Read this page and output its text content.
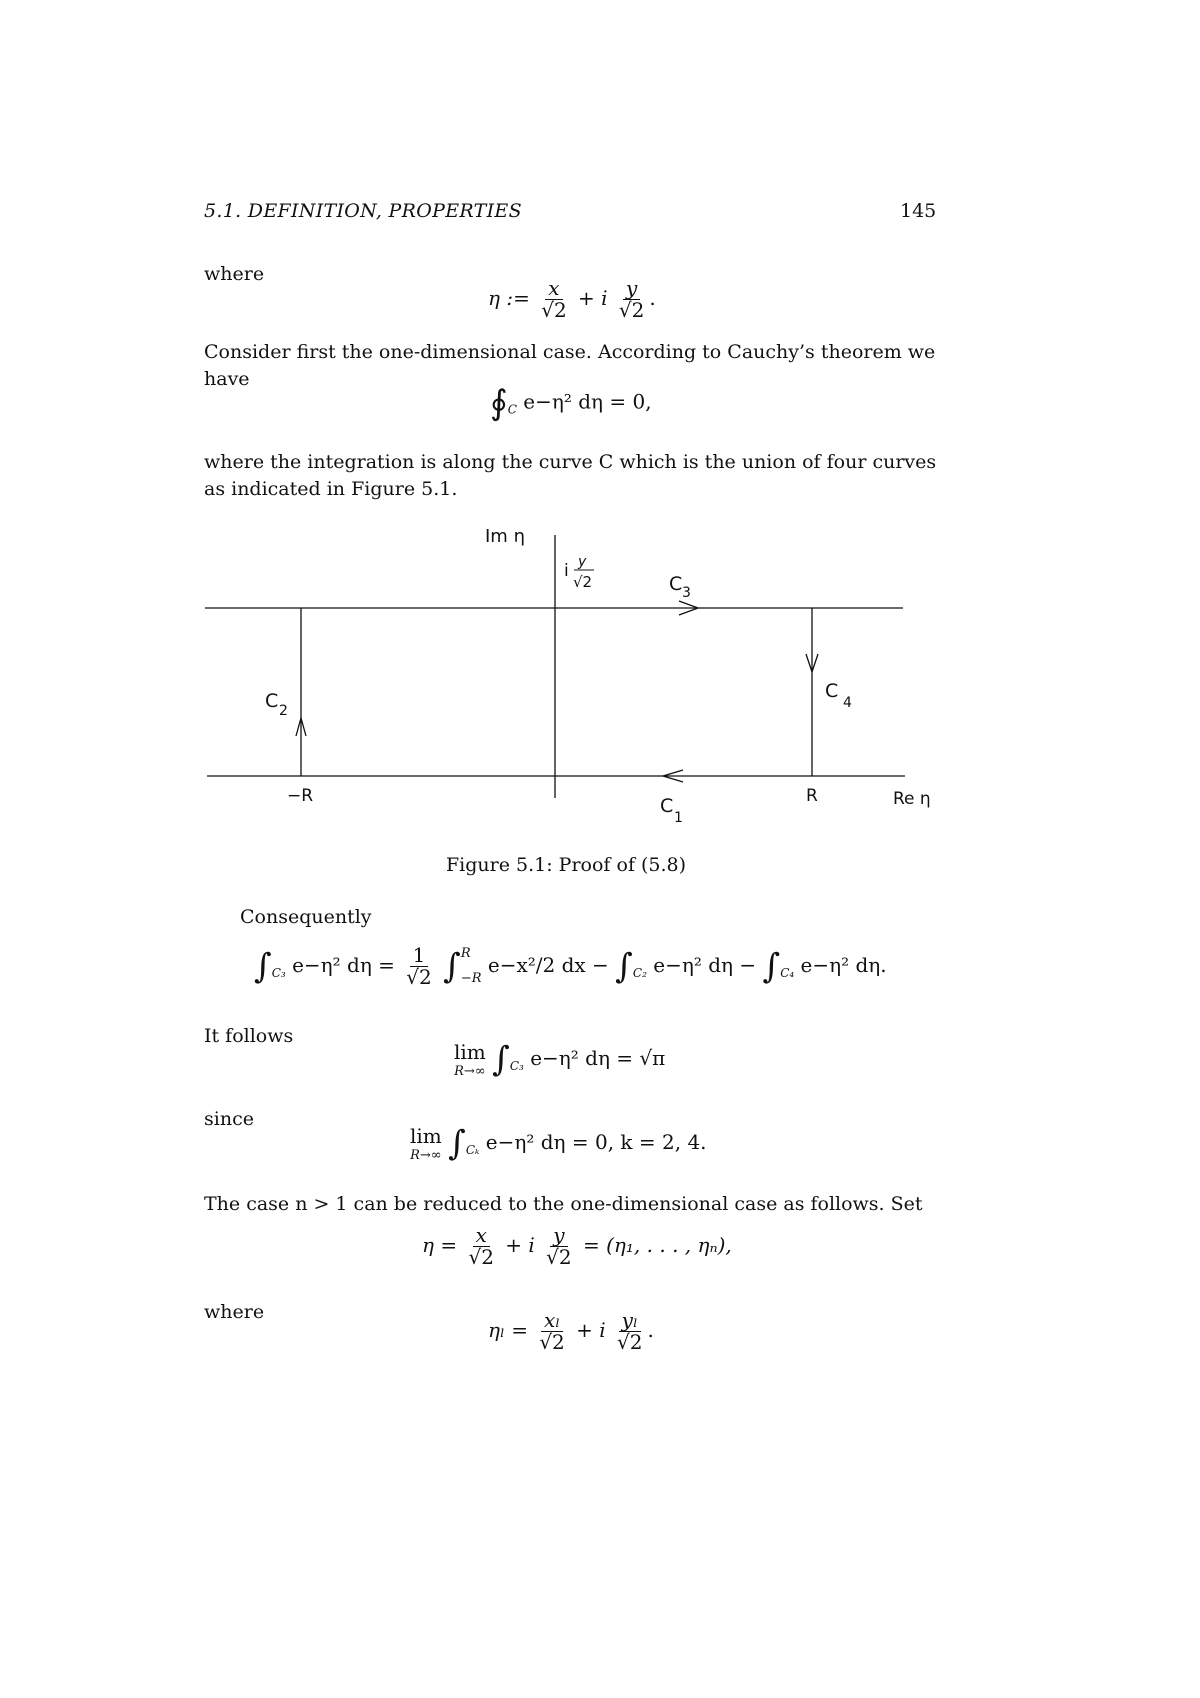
5.1. DEFINITION, PROPERTIES	145
where
η := $\frac{x}{√2} + i \frac{y}{√2}$ .
Consider first the one-dimensional case. According to Cauchy’s theorem we
have
$∮_C$ e−η² dη = 0,
where the integration is along the curve C which is the union of four curves
as indicated in Figure 5.1.
Im η
i y
√2	C 3
C 2
C
4
C
1
−R	R	Re η
Figure 5.1: Proof of (5.8)
Consequently
$\int_{C_3}$ e−η² $d\eta = \frac{1}{√2}$ ∫ R
−R
e−x²/2 dx − $\int_{C_2}$ e−η² $d\eta - \int_{C_4}$ e−η² dη.
It follows
lim
R→∞ $\int_{C_3}$ e−η² dη = √π
since
lim
R→∞ $\int_{C_k}$ e−η² dη = 0, k = 2, 4.
The case n > 1 can be reduced to the one-dimensional case as follows. Set
$\eta = \frac{x}{√2} + i \frac{y}{√2} = (\eta_1$, . . . , ηₙ),
where
$\eta_l = \frac{\text{xₗ}}{√2} + i \frac{\text{yₗ}}{√2}$ .
